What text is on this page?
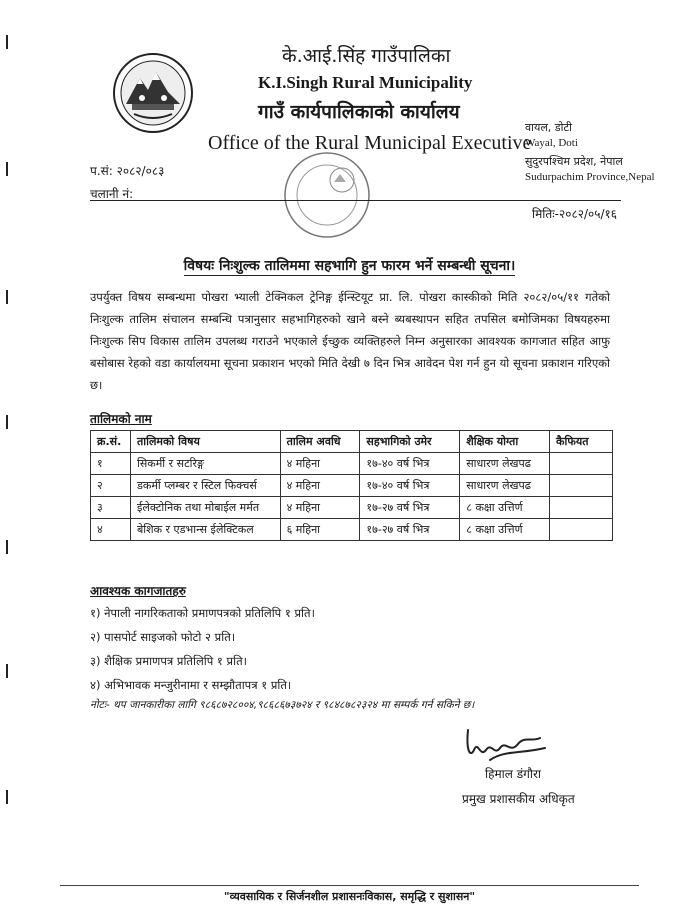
के.आई.सिंह गाउँपालिका
K.I.Singh Rural Municipality
गाउँ कार्यपालिकाको कार्यालय
Office of the Rural Municipal Executive
वायल, डोटी
Wayal, Doti
सुदुरपश्चिम प्रदेश, नेपाल
Sudurpachim Province,Nepal
प.सं: २०८२/०८३
चलानी नं:
मितिः-२०८२/०५/१६
विषयः निःशुल्क तालिममा सहभागि हुन फारम भर्ने सम्बन्धी सूचना।
उपर्युक्त विषय सम्बन्धमा पोखरा भ्याली टेक्निकल ट्रेनिङ्ग ईन्स्टियूट प्रा. लि. पोखरा कास्कीको मिति २०८२/०५/११ गतेको निःशुल्क तालिम संचालन सम्बन्धि पत्रानुसार सहभागिहरुको खाने बस्ने ब्यबस्थापन सहित तपसिल बमोजिमका विषयहरुमा निःशुल्क सिप विकास तालिम उपलब्ध गराउने भएकाले ईच्छुक व्यक्तिहरुले निम्न अनुसारका आवश्यक कागजात सहित आफु बसोबास रेहको वडा कार्यालयमा सूचना प्रकाशन भएको मिति देखी ७ दिन भित्र आवेदन पेश गर्न हुन यो सूचना प्रकाशन गरिएको छ।
तालिमको नाम
क्र.सं.	तालिमको विषय	तालिम अवधि	सहभागिको उमेर	शैक्षिक योग्ता	कैफियत
१	सिकर्मी र सटरिङ्ग	४ महिना	१७-४० वर्ष भित्र	साधारण लेखपढ	
२	डकर्मी प्लम्बर र स्टिल फिक्चर्स	४ महिना	१७-४० वर्ष भित्र	साधारण लेखपढ	
३	ईलेक्टोनिक तथा मोबाईल मर्मत	४ महिना	१७-२७ वर्ष भित्र	८ कक्षा उत्तिर्ण	
४	बेशिक र एडभान्स ईलेक्टिकल	६ महिना	१७-२७ वर्ष भित्र	८ कक्षा उत्तिर्ण	
आवश्यक कागजातहरु
१) नेपाली नागरिकताको प्रमाणपत्रको प्रतिलिपि १ प्रति।
२) पासपोर्ट साइजको फोटो २ प्रति।
३) शैक्षिक प्रमाणपत्र प्रतिलिपि १ प्रति।
४) अभिभावक मन्जुरीनामा र सम्झौतापत्र १ प्रति।
नोटः- थप जानकारीका लागि ९८६८७२८००४,९८६८६७३७२४ र ९८४८७८२३२४ मा सम्पर्क गर्न सकिने छ।
हिमाल डंगौरा
प्रमुख प्रशासकीय अधिकृत
"व्यवसायिक र सिर्जनशील प्रशासनःविकास, समृद्धि र सुशासन"
